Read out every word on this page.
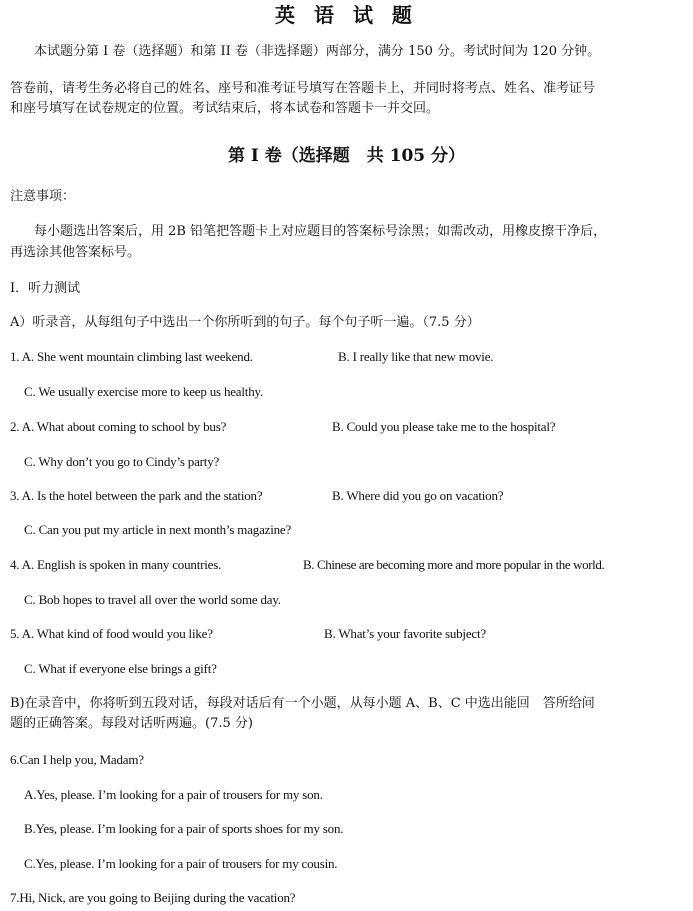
英 语 试 题
本试题分第 I 卷（选择题）和第 II 卷（非选择题）两部分，满分 150 分。考试时间为 120 分钟。
答卷前，请考生务必将自己的姓名、座号和准考证号填写在答题卡上，并同时将考点、姓名、准考证号
和座号填写在试卷规定的位置。考试结束后，将本试卷和答题卡一并交回。
第 I 卷（选择题　共 105 分）
注意事项：
每小题选出答案后，用 2B 铅笔把答题卡上对应题目的答案标号涂黑；如需改动，用橡皮擦干净后，
再选涂其他答案标号。
I．听力测试
A）听录音，从每组句子中选出一个你所听到的句子。每个句子听一遍。（7.5 分）
1. A. She went mountain climbing last weekend.	B. I really like that new movie.
C. We usually exercise more to keep us healthy.
2. A. What about coming to school by bus?	B. Could you please take me to the hospital?
C. Why don’t you go to Cindy’s party?
3. A. Is the hotel between the park and the station?	B. Where did you go on vacation?
C. Can you put my article in next month’s magazine?
4. A. English is spoken in many countries.	B. Chinese are becoming more and more popular in the world.
C. Bob hopes to travel all over the world some day.
5. A. What kind of food would you like?	B. What’s your favorite subject?
C. What if everyone else brings a gift?
B)在录音中，你将听到五段对话，每段对话后有一个小题，从每小题 A、B、C 中选出能回　答所给问
题的正确答案。每段对话听两遍。(7.5 分)
6.Can I help you, Madam?
A.Yes, please. I’m looking for a pair of trousers for my son.
B.Yes, please. I’m looking for a pair of sports shoes for my son.
C.Yes, please. I’m looking for a pair of trousers for my cousin.
7.Hi, Nick, are you going to Beijing during the vacation?
